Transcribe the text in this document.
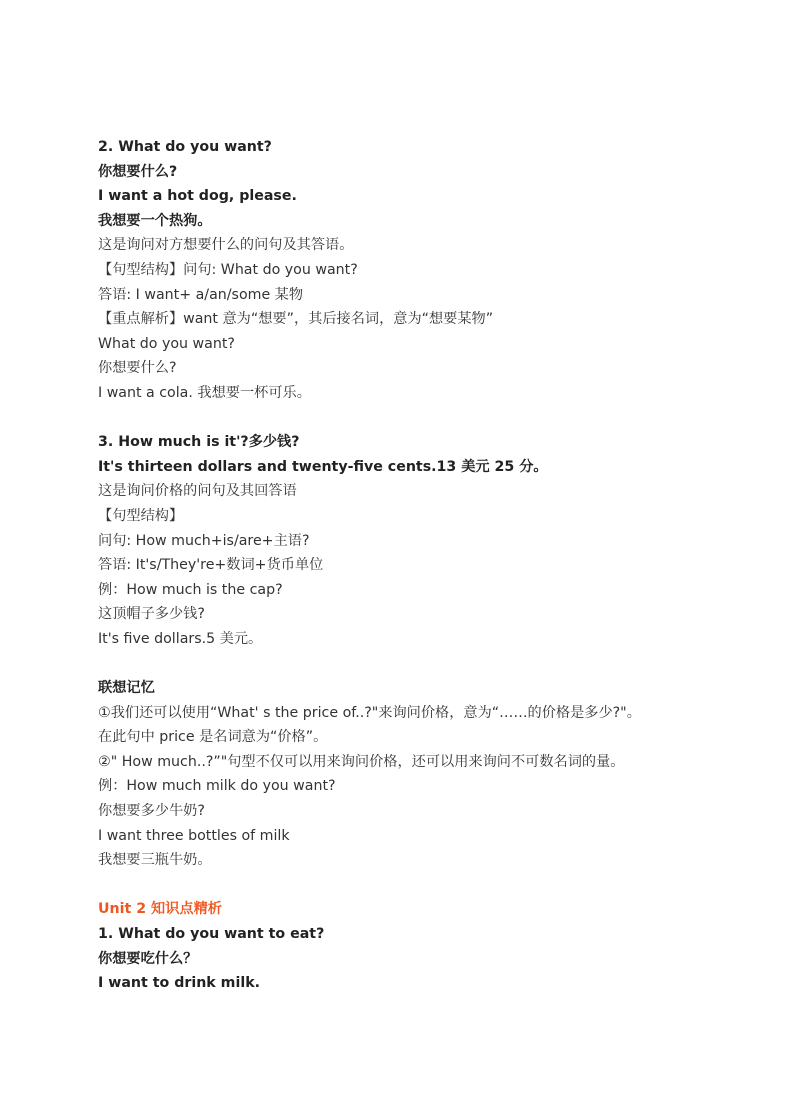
2. What do you want?
你想要什么?
I want a hot dog, please.
我想要一个热狗。
这是询问对方想要什么的问句及其答语。
【句型结构】问句: What do you want?
答语: I want+ a/an/some 某物
【重点解析】want 意为“想要”，其后接名词，意为“想要某物”
What do you want?
你想要什么?
I want a cola. 我想要一杯可乐。
3. How much is it'?多少钱?
It's thirteen dollars and twenty-five cents.13 美元 25 分。
这是询问价格的问句及其回答语
【句型结构】
问句: How much+is/are+主语?
答语: It's/They're+数词+货币单位
例：How much is the cap?
这顶帽子多少钱?
It's five dollars.5 美元。
联想记忆
①我们还可以使用“What' s the price of..?"来询问价格，意为“……的价格是多少?"。
在此句中 price 是名词意为“价格”。
②" How much..?”"句型不仅可以用来询问价格，还可以用来询问不可数名词的量。
例：How much milk do you want?
你想要多少牛奶?
I want three bottles of milk
我想要三瓶牛奶。
Unit 2 知识点精析
1. What do you want to eat?
你想要吃什么？
I want to drink milk.
